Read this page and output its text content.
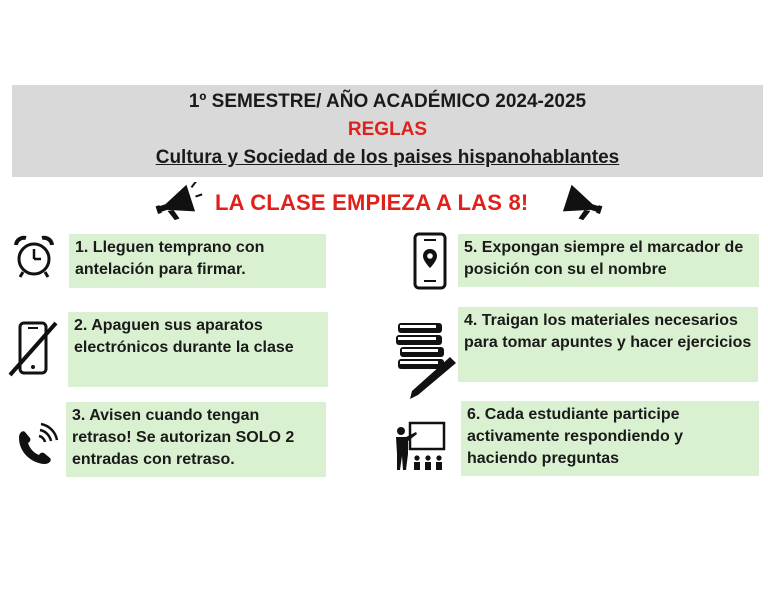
1º SEMESTRE/ AÑO ACADÉMICO 2024-2025
REGLAS
Cultura y Sociedad de los paises hispanohablantes
LA CLASE EMPIEZA A LAS 8!
1. Lleguen temprano con antelación para firmar.
2. Apaguen sus aparatos electrónicos durante la clase
3. Avisen cuando tengan retraso! Se autorizan SOLO 2 entradas con retraso.
5. Expongan siempre el marcador de posición con su el nombre
4. Traigan los materiales necesarios para tomar apuntes y hacer ejercicios
6. Cada estudiante participe activamente respondiendo y haciendo preguntas
